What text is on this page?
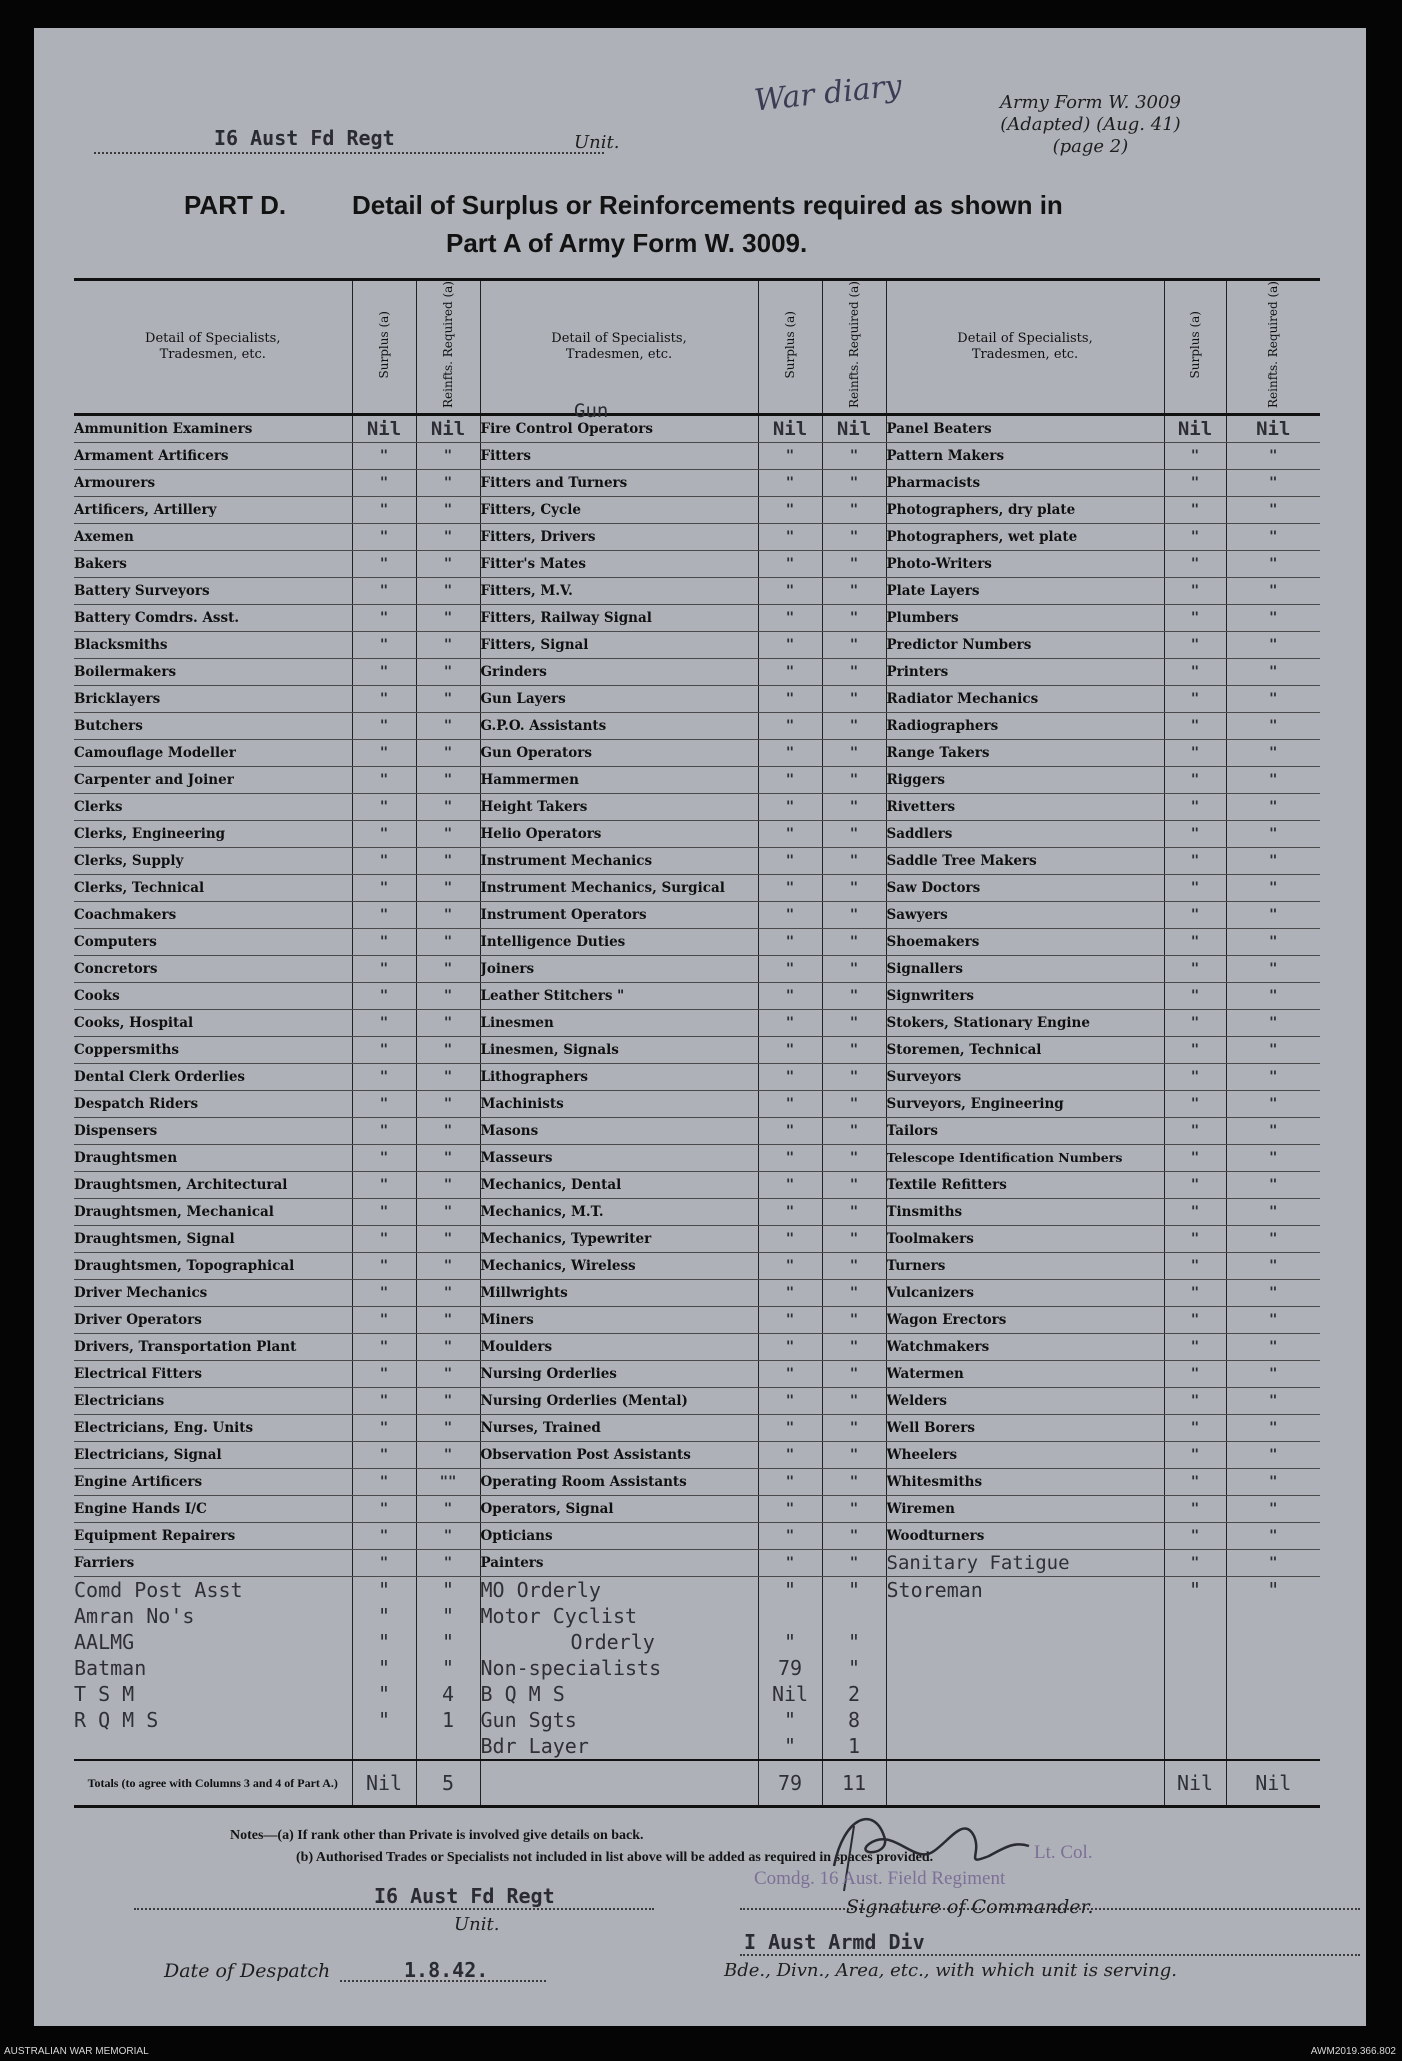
War diary	Army Form W. 3009
(Adapted) (Aug. 41)
(page 2)
I6 Aust Fd Regt	Unit.
PART D.	Detail of Surplus or Reinforcements required as shown in
Part A of Army Form W. 3009.
Detail of Specialists, Tradesmen, etc.	Surplus (a)	Reinfts. Required (a)	Detail of Specialists, Tradesmen, etc.	Surplus (a)	Reinfts. Required (a)	Detail of Specialists, Tradesmen, etc.	Surplus (a)	Reinfts. Required (a)
Ammunition Examiners	Nil	Nil	Fire Control Operators	Nil	Nil	Panel Beaters	Nil	Nil
Armament Artificers	"	"	Fitters	"	"	Pattern Makers	"	"
Armourers	"	"	Fitters and Turners	"	"	Pharmacists	"	"
Artificers, Artillery	"	"	Fitters, Cycle	"	"	Photographers, dry plate	"	"
Axemen	"	"	Fitters, Drivers	"	"	Photographers, wet plate	"	"
Bakers	"	"	Fitter's Mates	"	"	Photo-Writers	"	"
Battery Surveyors	"	"	Fitters, M.V.	"	"	Plate Layers	"	"
Battery Comdrs. Asst.	"	"	Fitters, Railway Signal	"	"	Plumbers	"	"
Blacksmiths	"	"	Fitters, Signal	"	"	Predictor Numbers	"	"
Boilermakers	"	"	Grinders	"	"	Printers	"	"
Bricklayers	"	"	Gun Layers	"	"	Radiator Mechanics	"	"
Butchers	"	"	G.P.O. Assistants	"	"	Radiographers	"	"
Camouflage Modeller	"	"	Gun Operators	"	"	Range Takers	"	"
Carpenter and Joiner	"	"	Hammermen	"	"	Riggers	"	"
Clerks	"	"	Height Takers	"	"	Rivetters	"	"
Clerks, Engineering	"	"	Helio Operators	"	"	Saddlers	"	"
Clerks, Supply	"	"	Instrument Mechanics	"	"	Saddle Tree Makers	"	"
Clerks, Technical	"	"	Instrument Mechanics, Surgical	"	"	Saw Doctors	"	"
Coachmakers	"	"	Instrument Operators	"	"	Sawyers	"	"
Computers	"	"	Intelligence Duties	"	"	Shoemakers	"	"
Concretors	"	"	Joiners	"	"	Signallers	"	"
Cooks	"	"	Leather Stitchers "	"	"	Signwriters	"	"
Cooks, Hospital	"	"	Linesmen	"	"	Stokers, Stationary Engine	"	"
Coppersmiths	"	"	Linesmen, Signals	"	"	Storemen, Technical	"	"
Dental Clerk Orderlies	"	"	Lithographers	"	"	Surveyors	"	"
Despatch Riders	"	"	Machinists	"	"	Surveyors, Engineering	"	"
Dispensers	"	"	Masons	"	"	Tailors	"	"
Draughtsmen	"	"	Masseurs	"	"	Telescope Identification Numbers	"	"
Draughtsmen, Architectural	"	"	Mechanics, Dental	"	"	Textile Refitters	"	"
Draughtsmen, Mechanical	"	"	Mechanics, M.T.	"	"	Tinsmiths	"	"
Draughtsmen, Signal	"	"	Mechanics, Typewriter	"	"	Toolmakers	"	"
Draughtsmen, Topographical	"	"	Mechanics, Wireless	"	"	Turners	"	"
Driver Mechanics	"	"	Millwrights	"	"	Vulcanizers	"	"
Driver Operators	"	"	Miners	"	"	Wagon Erectors	"	"
Drivers, Transportation Plant	"	"	Moulders	"	"	Watchmakers	"	"
Electrical Fitters	"	"	Nursing Orderlies	"	"	Watermen	"	"
Electricians	"	"	Nursing Orderlies (Mental)	"	"	Welders	"	"
Electricians, Eng. Units	"	"	Nurses, Trained	"	"	Well Borers	"	"
Electricians, Signal	"	"	Observation Post Assistants	"	"	Wheelers	"	"
Engine Artificers	"	""	Operating Room Assistants	"	"	Whitesmiths	"	"
Engine Hands I/C	"	"	Operators, Signal	"	"	Wiremen	"	"
Equipment Repairers	"	"	Opticians	"	"	Woodturners	"	"
Farriers	"	"	Painters	"	"	Sanitary Fatigue	"	"
Comd Post Asst	"	"	MO Orderly	"	"	Storeman	"	"
Amran No's	"	"	Motor Cyclist					
AALMG	"	"	Orderly	"	"			
Batman	"	"	Non-specialists	79	"			
T S M	"	4	B Q M S	Nil	2			
R Q M S	"	1	Gun Sgts	"	8			
			Bdr Layer	"	1			
Totals (to agree with Columns 3 and 4 of Part A.)	Nil	5		79	11		Nil	Nil
Notes—(a) If rank other than Private is involved give details on back.
(b) Authorised Trades or Specialists not included in list above will be added as required in spaces provided.
I6 Aust Fd Regt
Unit.
Lt. Col.
Comdg. 16 Aust. Field Regiment
Signature of Commander.
Date of Despatch	1.8.42.
I Aust Armd Div
Bde., Divn., Area, etc., with which unit is serving.
Gun
AUSTRALIAN WAR MEMORIAL	AWM2019.366.802
